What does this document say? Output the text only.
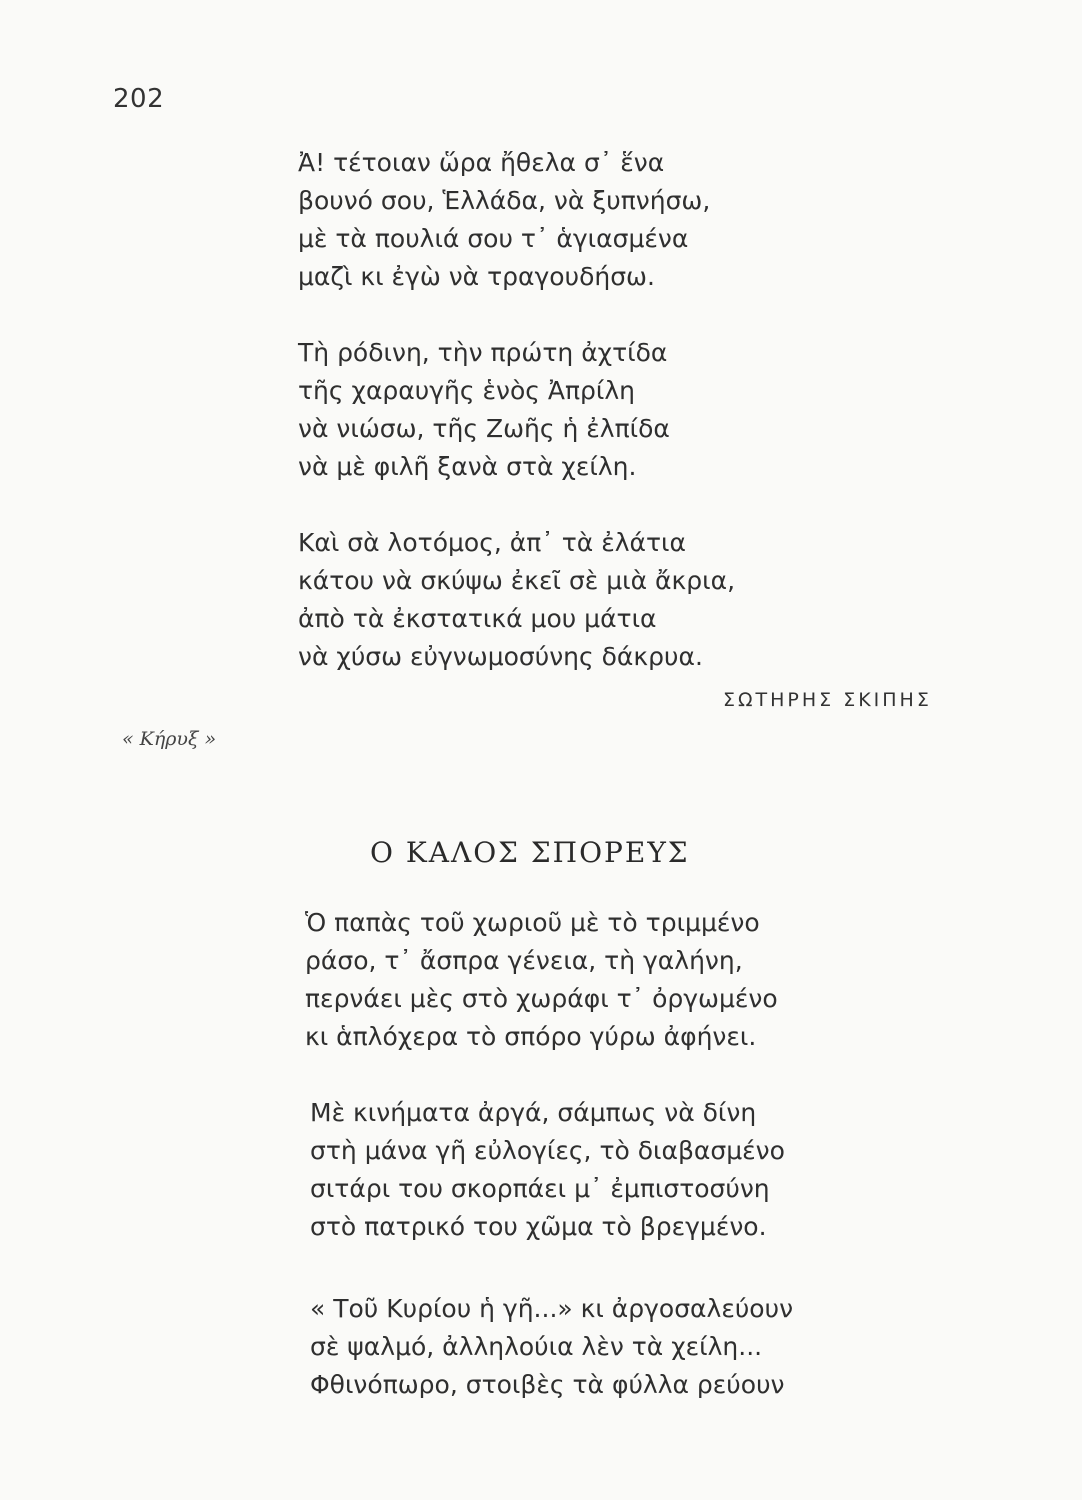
202
Ἀ! τέτοιαν ὥρα ἤθελα σ᾽ ἕνα
βουνό σου, Ἑλλάδα, νὰ ξυπνήσω,
μὲ τὰ πουλιά σου τ᾽ ἁγιασμένα
μαζὶ κι ἐγὼ νὰ τραγουδήσω.
Τὴ ρόδινη, τὴν πρώτη ἀχτίδα
τῆς χαραυγῆς ἑνὸς Ἀπρίλη
νὰ νιώσω, τῆς Ζωῆς ἡ ἐλπίδα
νὰ μὲ φιλῆ ξανὰ στὰ χείλη.
Καὶ σὰ λοτόμος, ἀπ᾽ τὰ ἐλάτια
κάτου νὰ σκύψω ἐκεῖ σὲ μιὰ ἄκρια,
ἀπὸ τὰ ἐκστατικά μου μάτια
νὰ χύσω εὐγνωμοσύνης δάκρυα.
ΣΩΤΗΡΗΣ ΣΚΙΠΗΣ
« Κήρυξ »
Ο ΚΑΛΟΣ ΣΠΟΡΕΥΣ
Ὁ παπὰς τοῦ χωριοῦ μὲ τὸ τριμμένο
ράσο, τ᾽ ἄσπρα γένεια, τὴ γαλήνη,
περνάει μὲς στὸ χωράφι τ᾽ ὀργωμένο
κι ἁπλόχερα τὸ σπόρο γύρω ἀφήνει.
Μὲ κινήματα ἀργά, σάμπως νὰ δίνη
στὴ μάνα γῆ εὐλογίες, τὸ διαβασμένο
σιτάρι του σκορπάει μ᾽ ἐμπιστοσύνη
στὸ πατρικό του χῶμα τὸ βρεγμένο.
« Τοῦ Κυρίου ἡ γῆ...» κι ἀργοσαλεύουν
σὲ ψαλμό, ἀλληλούια λὲν τὰ χείλη...
Φθινόπωρο, στοιβὲς τὰ φύλλα ρεύουν
